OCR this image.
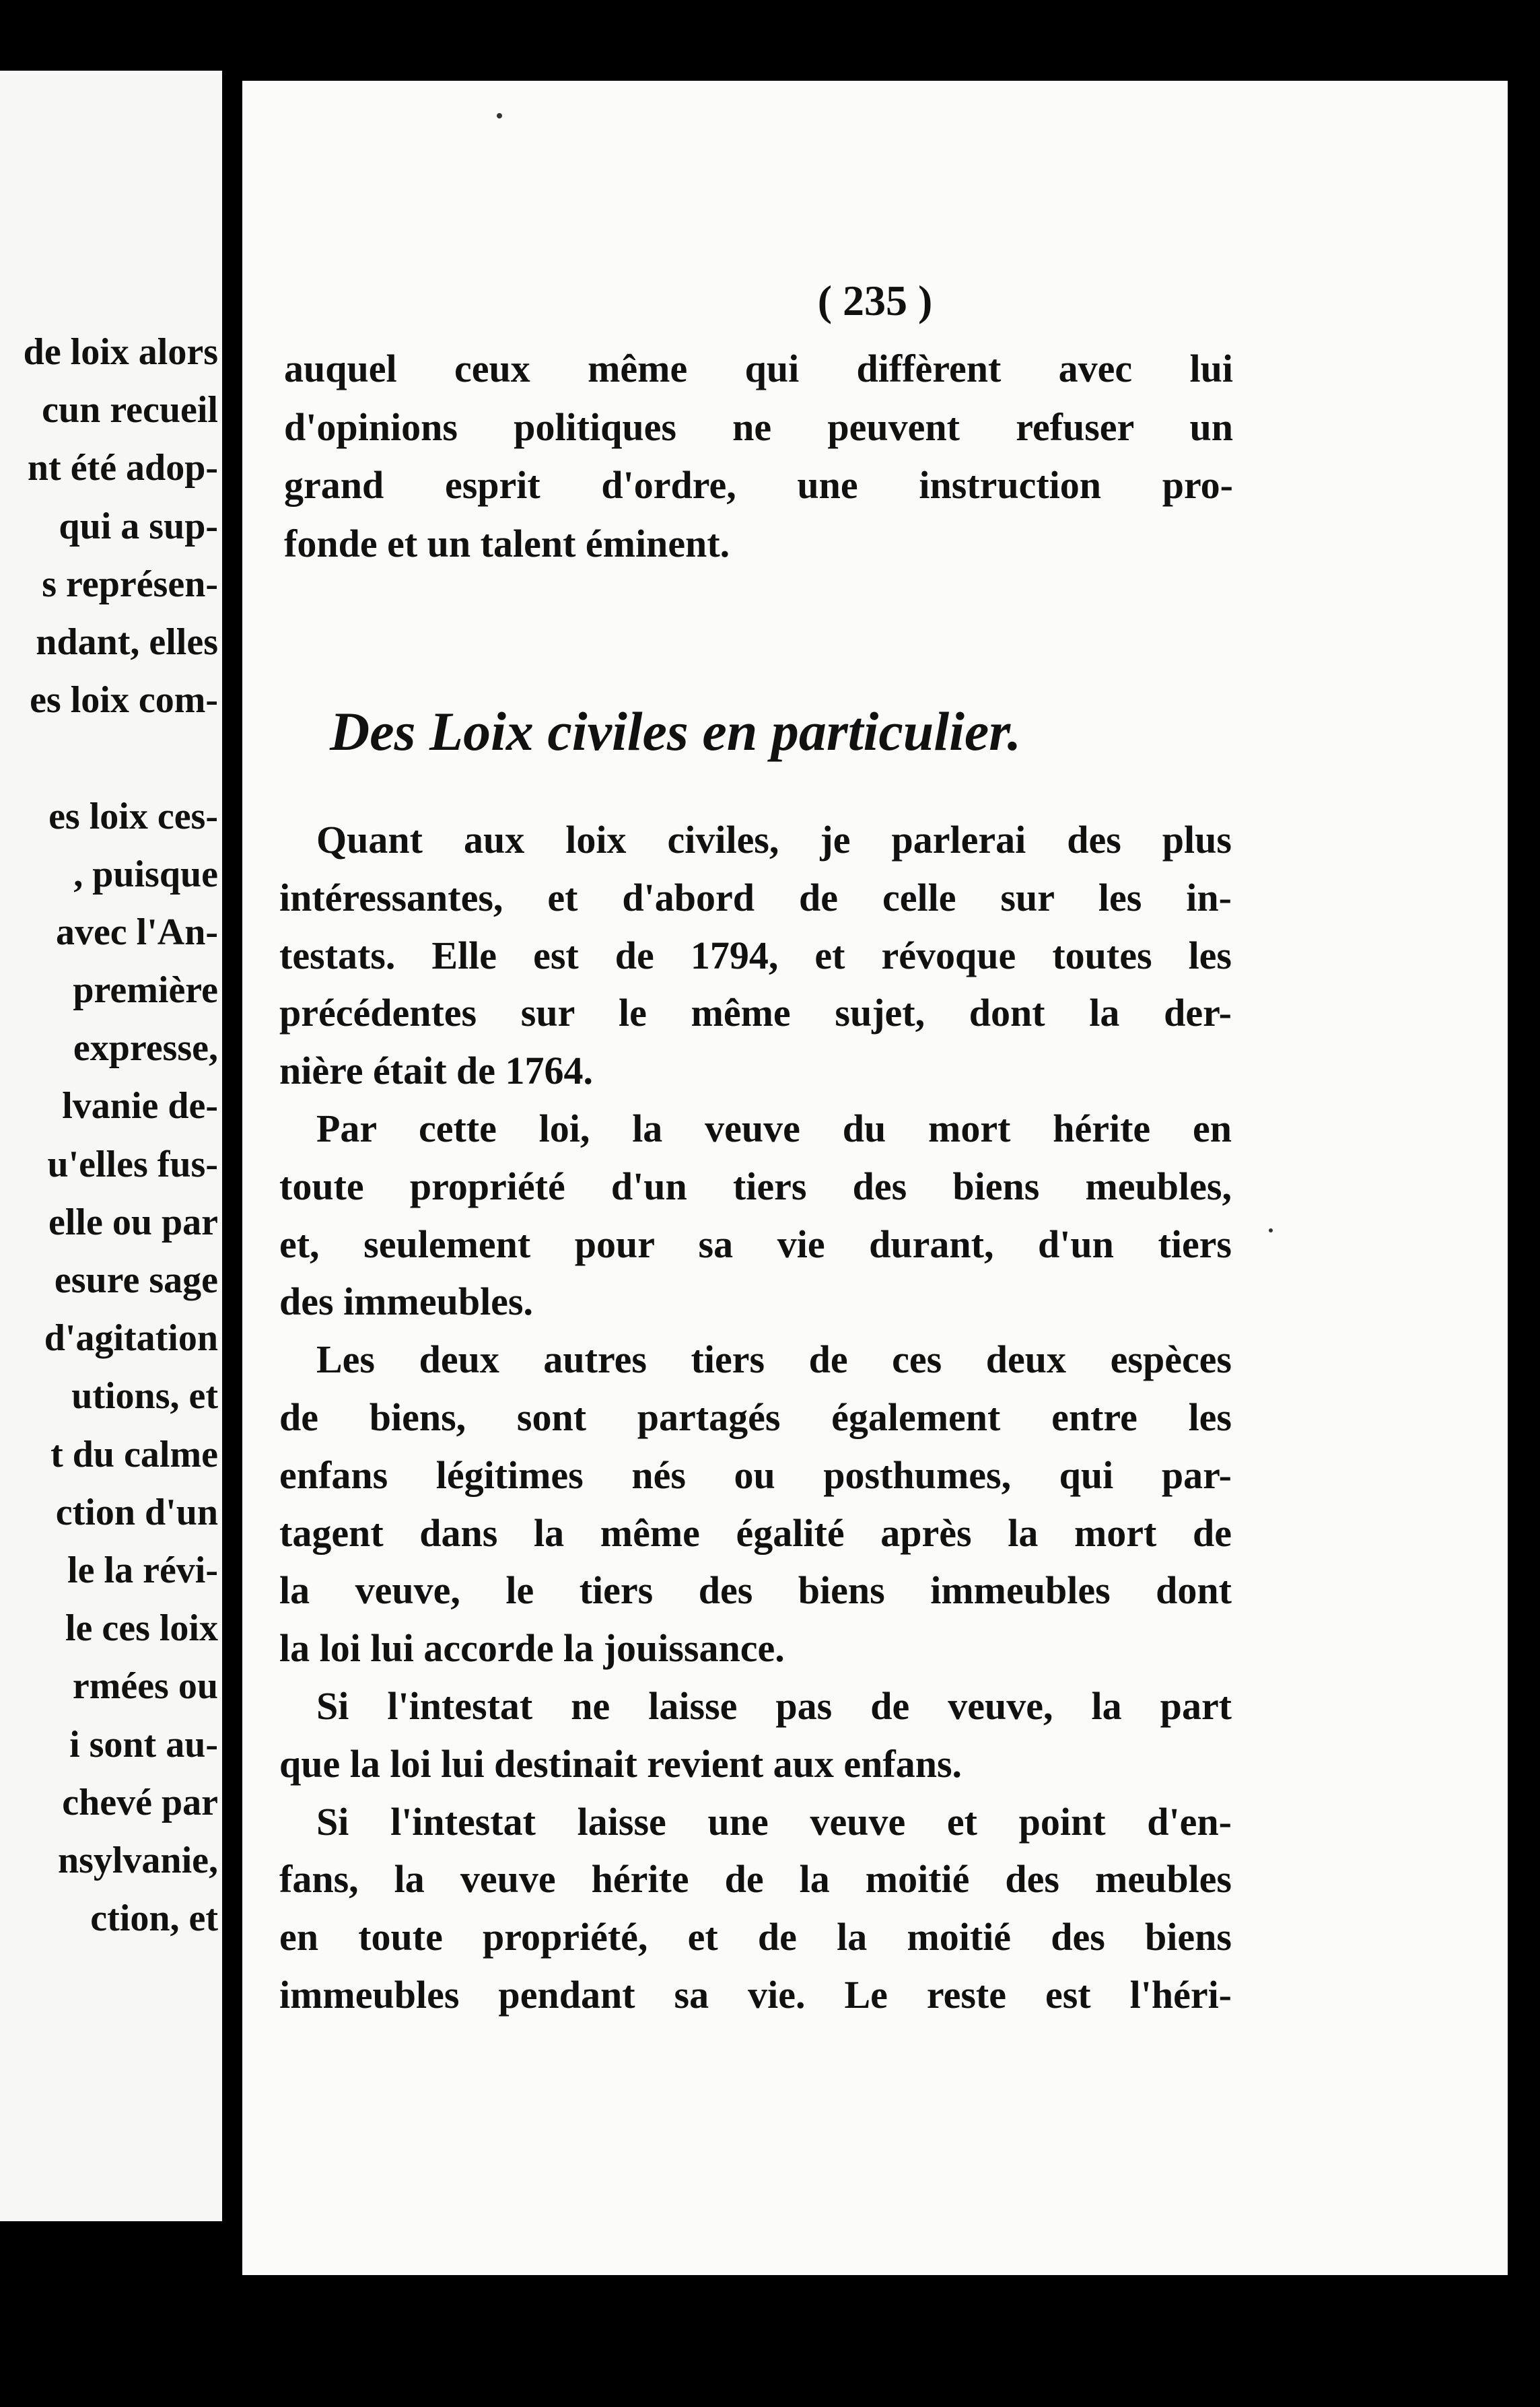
de loix alors
cun recueil
nt été adop-
qui a sup-
s représen-
ndant, elles
es loix com-
es loix ces-
, puisque
avec l'An-
première
expresse,
lvanie de-
u'elles fus-
elle ou par
esure sage
d'agitation
utions, et
t du calme
ction d'un
le la révi-
le ces loix
rmées ou
i sont au-
chevé par
nsylvanie,
ction, et
( 235 )
auquel ceux même qui diffèrent avec lui
d'opinions politiques ne peuvent refuser un
grand esprit d'ordre, une instruction pro-
fonde et un talent éminent.
Des Loix civiles en particulier.
Quant aux loix civiles, je parlerai des plus
intéressantes, et d'abord de celle sur les in-
testats. Elle est de 1794, et révoque toutes les
précédentes sur le même sujet, dont la der-
nière était de 1764.
Par cette loi, la veuve du mort hérite en
toute propriété d'un tiers des biens meubles,
et, seulement pour sa vie durant, d'un tiers
des immeubles.
Les deux autres tiers de ces deux espèces
de biens, sont partagés également entre les
enfans légitimes nés ou posthumes, qui par-
tagent dans la même égalité après la mort de
la veuve, le tiers des biens immeubles dont
la loi lui accorde la jouissance.
Si l'intestat ne laisse pas de veuve, la part
que la loi lui destinait revient aux enfans.
Si l'intestat laisse une veuve et point d'en-
fans, la veuve hérite de la moitié des meubles
en toute propriété, et de la moitié des biens
immeubles pendant sa vie. Le reste est l'héri-
